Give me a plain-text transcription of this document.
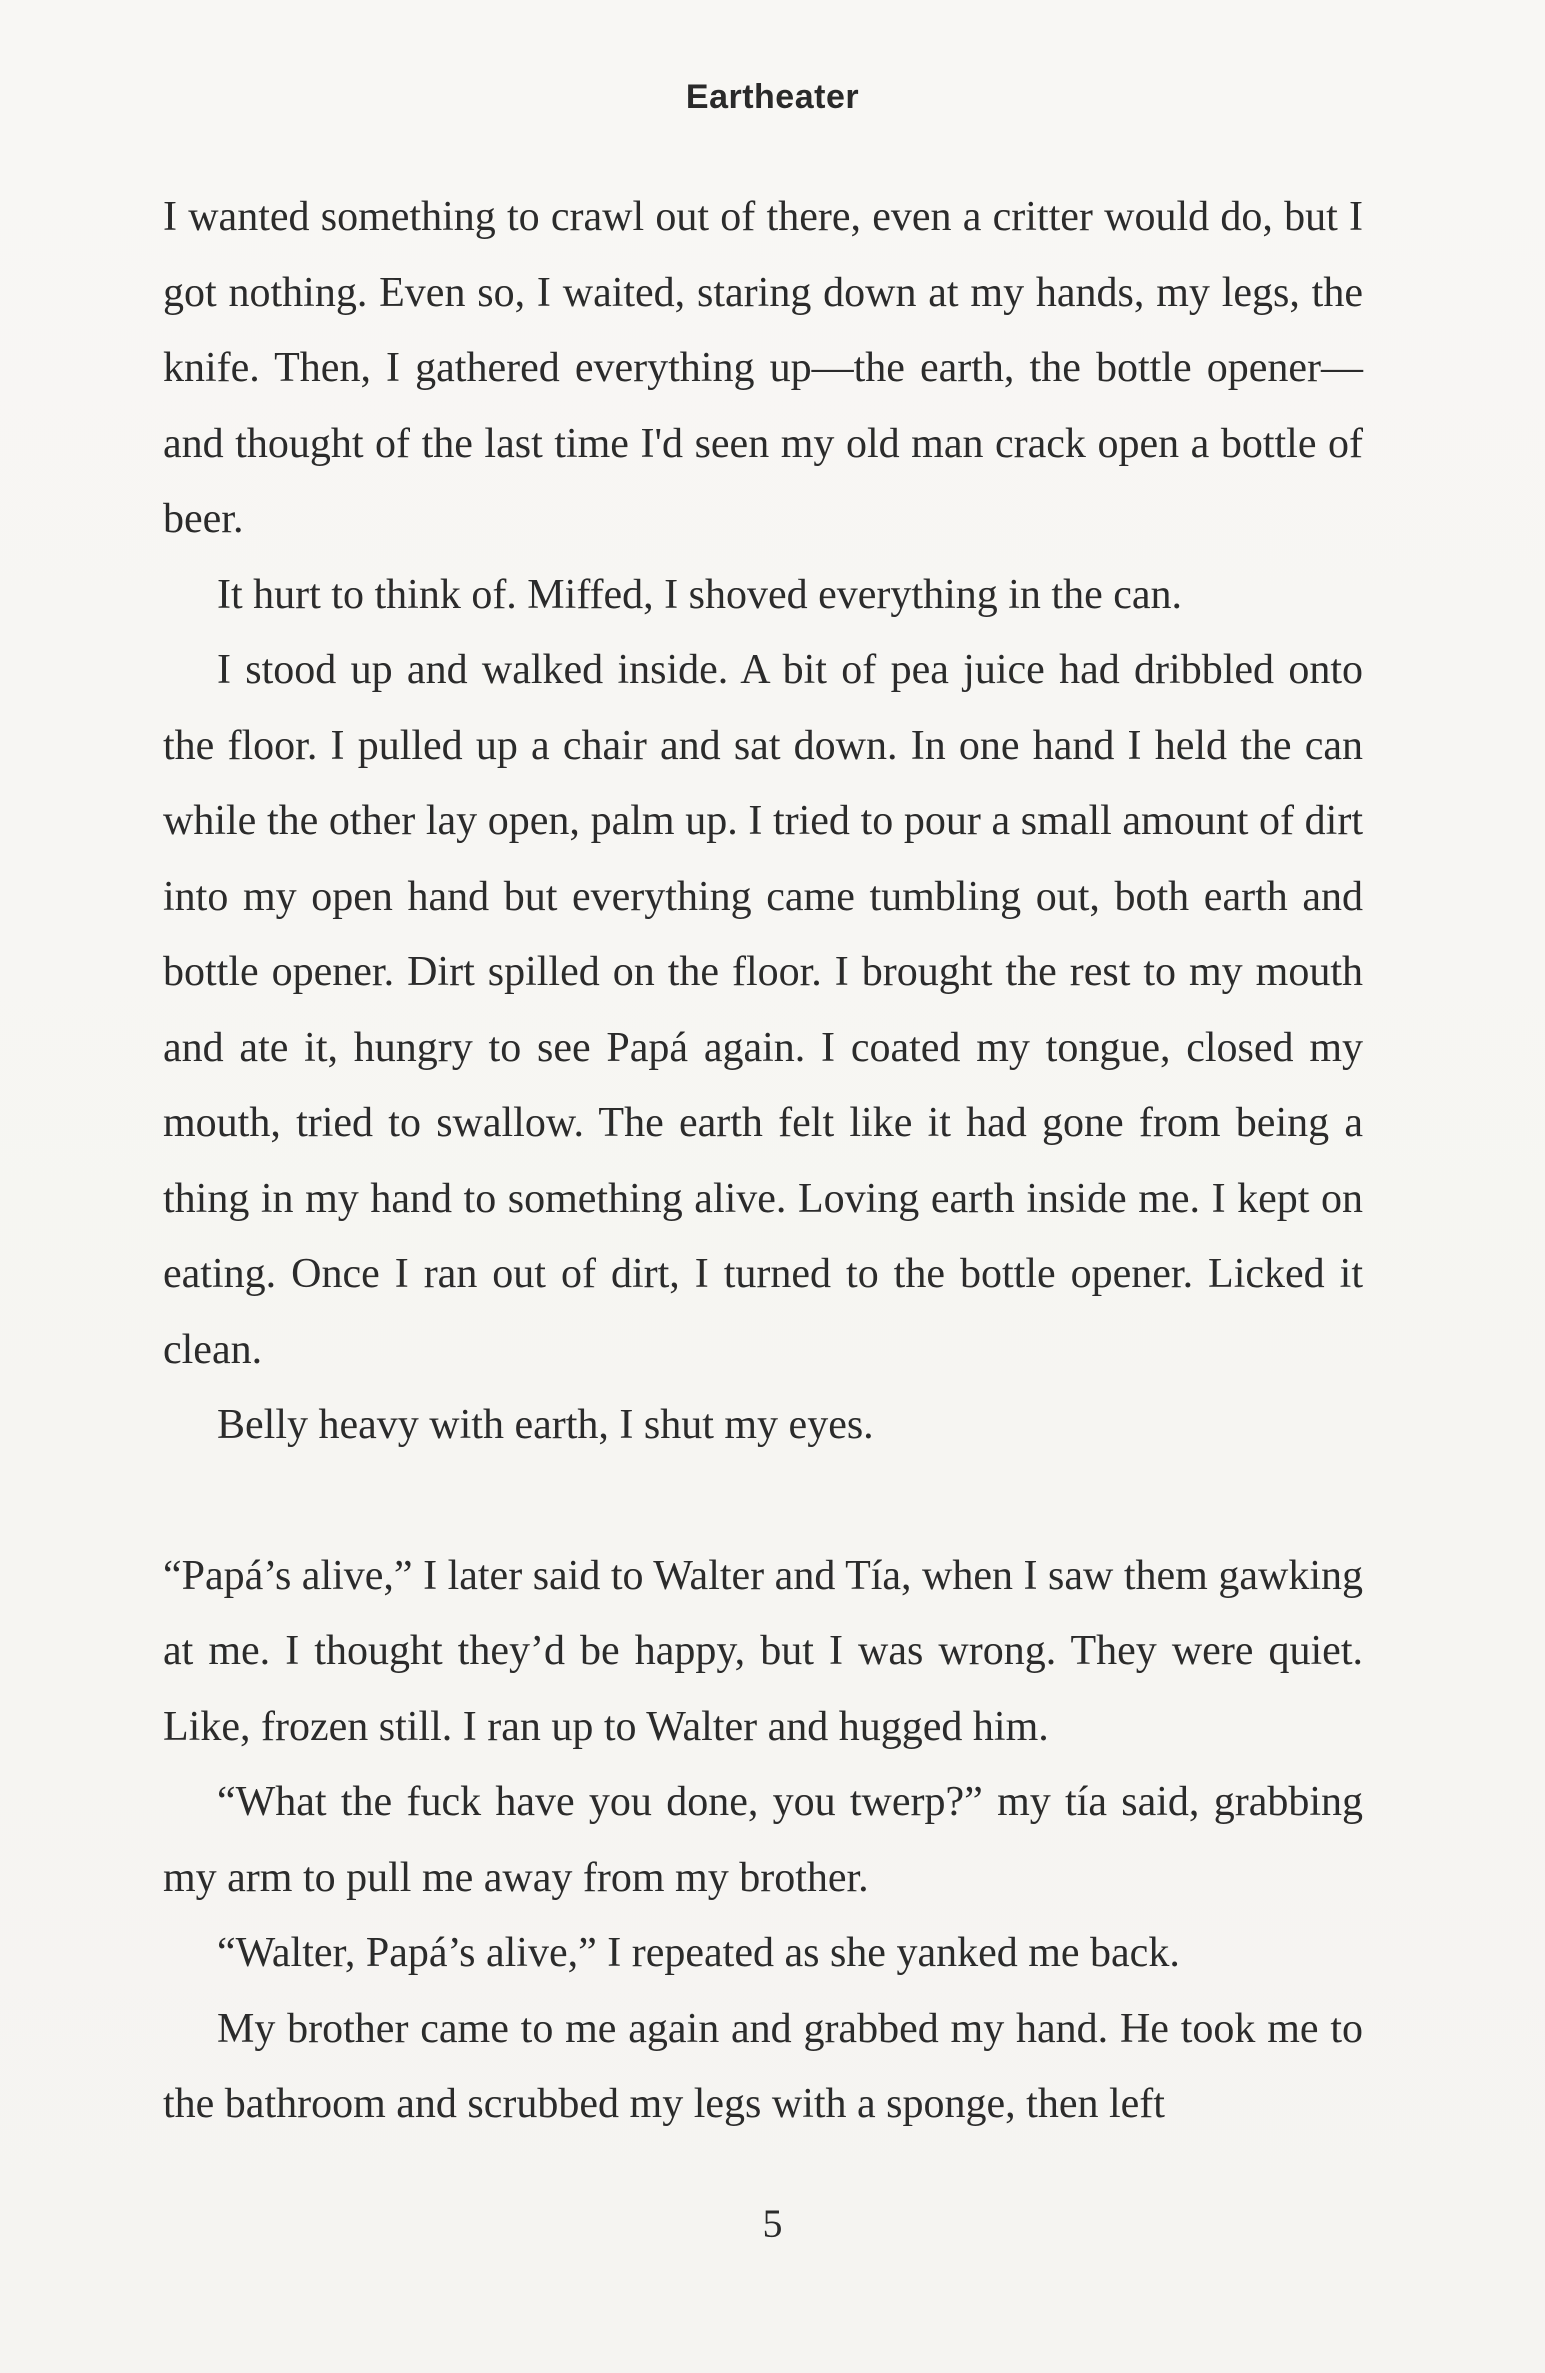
Eartheater

I wanted something to crawl out of there, even a critter would do, but I got nothing. Even so, I waited, staring down at my hands, my legs, the knife. Then, I gathered everything up—the earth, the bottle opener—and thought of the last time I'd seen my old man crack open a bottle of beer.

It hurt to think of. Miffed, I shoved everything in the can.

I stood up and walked inside. A bit of pea juice had dribbled onto the floor. I pulled up a chair and sat down. In one hand I held the can while the other lay open, palm up. I tried to pour a small amount of dirt into my open hand but everything came tumbling out, both earth and bottle opener. Dirt spilled on the floor. I brought the rest to my mouth and ate it, hungry to see Papá again. I coated my tongue, closed my mouth, tried to swallow. The earth felt like it had gone from being a thing in my hand to something alive. Loving earth inside me. I kept on eating. Once I ran out of dirt, I turned to the bottle opener. Licked it clean.

Belly heavy with earth, I shut my eyes.

“Papá’s alive,” I later said to Walter and Tía, when I saw them gawking at me. I thought they’d be happy, but I was wrong. They were quiet. Like, frozen still. I ran up to Walter and hugged him.

“What the fuck have you done, you twerp?” my tía said, grabbing my arm to pull me away from my brother.

“Walter, Papá’s alive,” I repeated as she yanked me back.

My brother came to me again and grabbed my hand. He took me to the bathroom and scrubbed my legs with a sponge, then left

5
